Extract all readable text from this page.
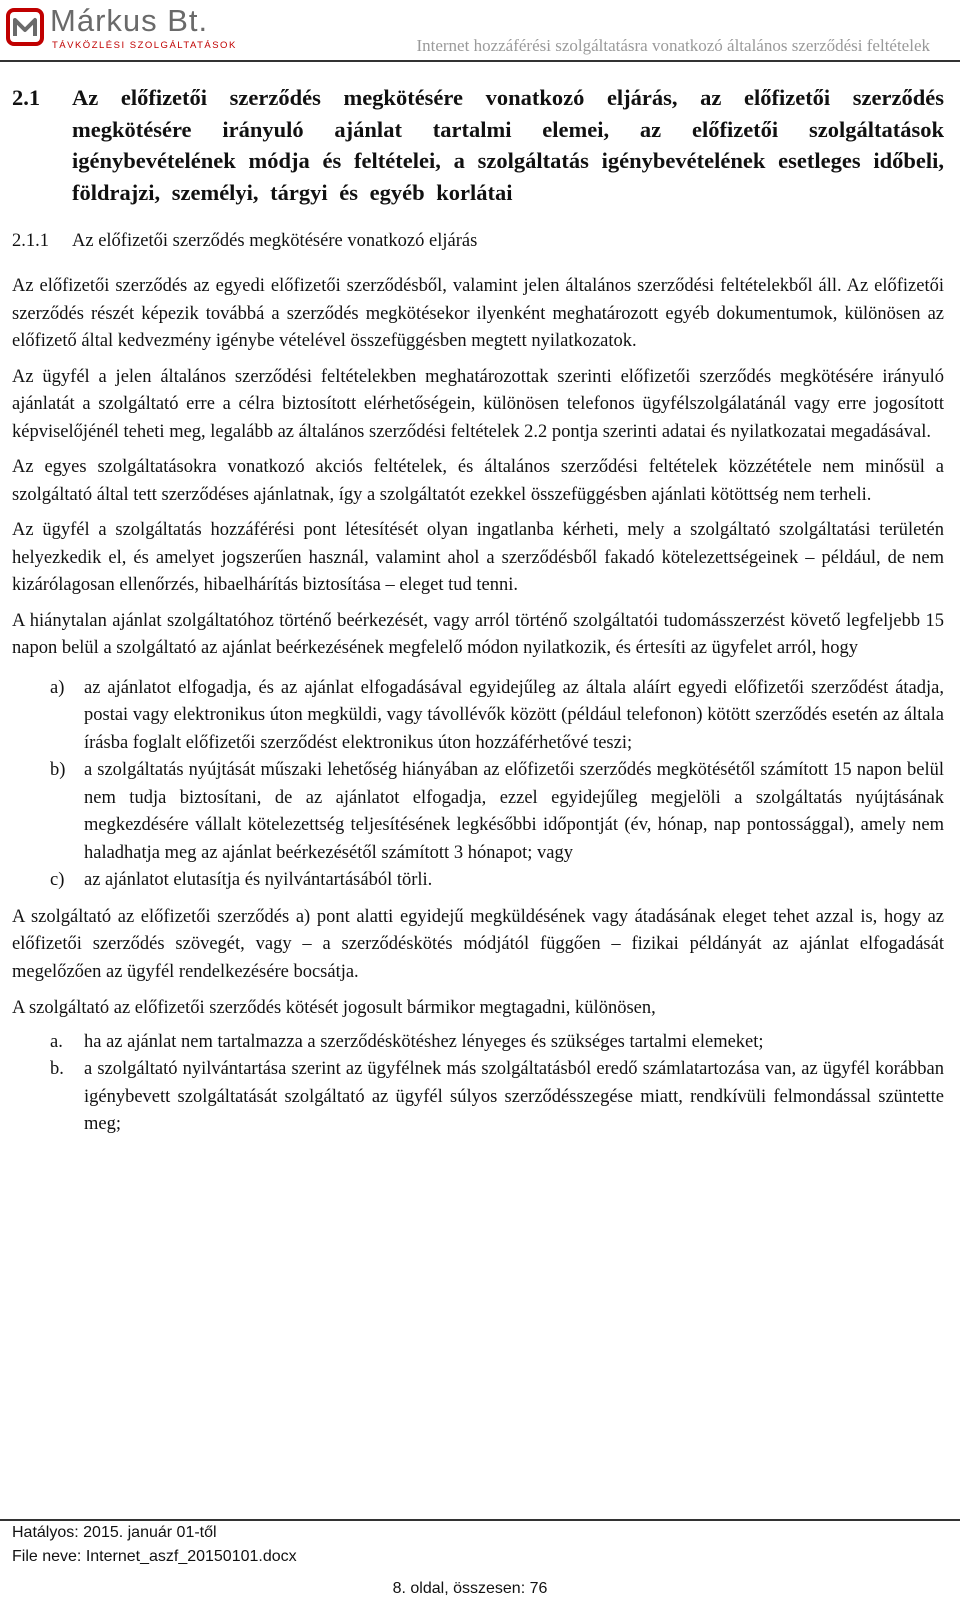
Márkus Bt.
TÁVKÖZLÉSI SZOLGÁLTATÁSOK	Internet hozzáférési szolgáltatásra vonatkozó általános szerződési feltételek
2.1 Az előfizetői szerződés megkötésére vonatkozó eljárás, az előfizetői szerződés megkötésére irányuló ajánlat tartalmi elemei, az előfizetői szolgáltatások igénybevételének módja és feltételei, a szolgáltatás igénybevételének esetleges időbeli, földrajzi, személyi, tárgyi és egyéb korlátai
2.1.1 Az előfizetői szerződés megkötésére vonatkozó eljárás

Az előfizetői szerződés az egyedi előfizetői szerződésből, valamint jelen általános szerződési feltételekből áll. Az előfizetői szerződés részét képezik továbbá a szerződés megkötésekor ilyenként meghatározott egyéb dokumentumok, különösen az előfizető által kedvezmény igénybe vételével összefüggésben megtett nyilatkozatok.

Az ügyfél a jelen általános szerződési feltételekben meghatározottak szerinti előfizetői szerződés megkötésére irányuló ajánlatát a szolgáltató erre a célra biztosított elérhetőségein, különösen telefonos ügyfélszolgálatánál vagy erre jogosított képviselőjénél teheti meg, legalább az általános szerződési feltételek 2.2 pontja szerinti adatai és nyilatkozatai megadásával.

Az egyes szolgáltatásokra vonatkozó akciós feltételek, és általános szerződési feltételek közzététele nem minősül a szolgáltató által tett szerződéses ajánlatnak, így a szolgáltatót ezekkel összefüggésben ajánlati kötöttség nem terheli.

Az ügyfél a szolgáltatás hozzáférési pont létesítését olyan ingatlanba kérheti, mely a szolgáltató szolgáltatási területén helyezkedik el, és amelyet jogszerűen használ, valamint ahol a szerződésből fakadó kötelezettségeinek – például, de nem kizárólagosan ellenőrzés, hibaelhárítás biztosítása – eleget tud tenni.

A hiánytalan ajánlat szolgáltatóhoz történő beérkezését, vagy arról történő szolgáltatói tudomásszerzést követő legfeljebb 15 napon belül a szolgáltató az ajánlat beérkezésének megfelelő módon nyilatkozik, és értesíti az ügyfelet arról, hogy

a) az ajánlatot elfogadja, és az ajánlat elfogadásával egyidejűleg az általa aláírt egyedi előfizetői szerződést átadja, postai vagy elektronikus úton megküldi, vagy távollévők között (például telefonon) kötött szerződés esetén az általa írásba foglalt előfizetői szerződést elektronikus úton hozzáférhetővé teszi;
b) a szolgáltatás nyújtását műszaki lehetőség hiányában az előfizetői szerződés megkötésétől számított 15 napon belül nem tudja biztosítani, de az ajánlatot elfogadja, ezzel egyidejűleg megjelöli a szolgáltatás nyújtásának megkezdésére vállalt kötelezettség teljesítésének legkésőbbi időpontját (év, hónap, nap pontossággal), amely nem haladhatja meg az ajánlat beérkezésétől számított 3 hónapot; vagy
c) az ajánlatot elutasítja és nyilvántartásából törli.

A szolgáltató az előfizetői szerződés a) pont alatti egyidejű megküldésének vagy átadásának eleget tehet azzal is, hogy az előfizetői szerződés szövegét, vagy – a szerződéskötés módjától függően – fizikai példányát az ajánlat elfogadását megelőzően az ügyfél rendelkezésére bocsátja.

A szolgáltató az előfizetői szerződés kötését jogosult bármikor megtagadni, különösen,

a. ha az ajánlat nem tartalmazza a szerződéskötéshez lényeges és szükséges tartalmi elemeket;
b. a szolgáltató nyilvántartása szerint az ügyfélnek más szolgáltatásból eredő számlatartozása van, az ügyfél korábban igénybevett szolgáltatását szolgáltató az ügyfél súlyos szerződésszegése miatt, rendkívüli felmondással szüntette meg;
Hatályos: 2015. január 01-től
File neve: Internet_aszf_20150101.docx
8. oldal, összesen: 76
